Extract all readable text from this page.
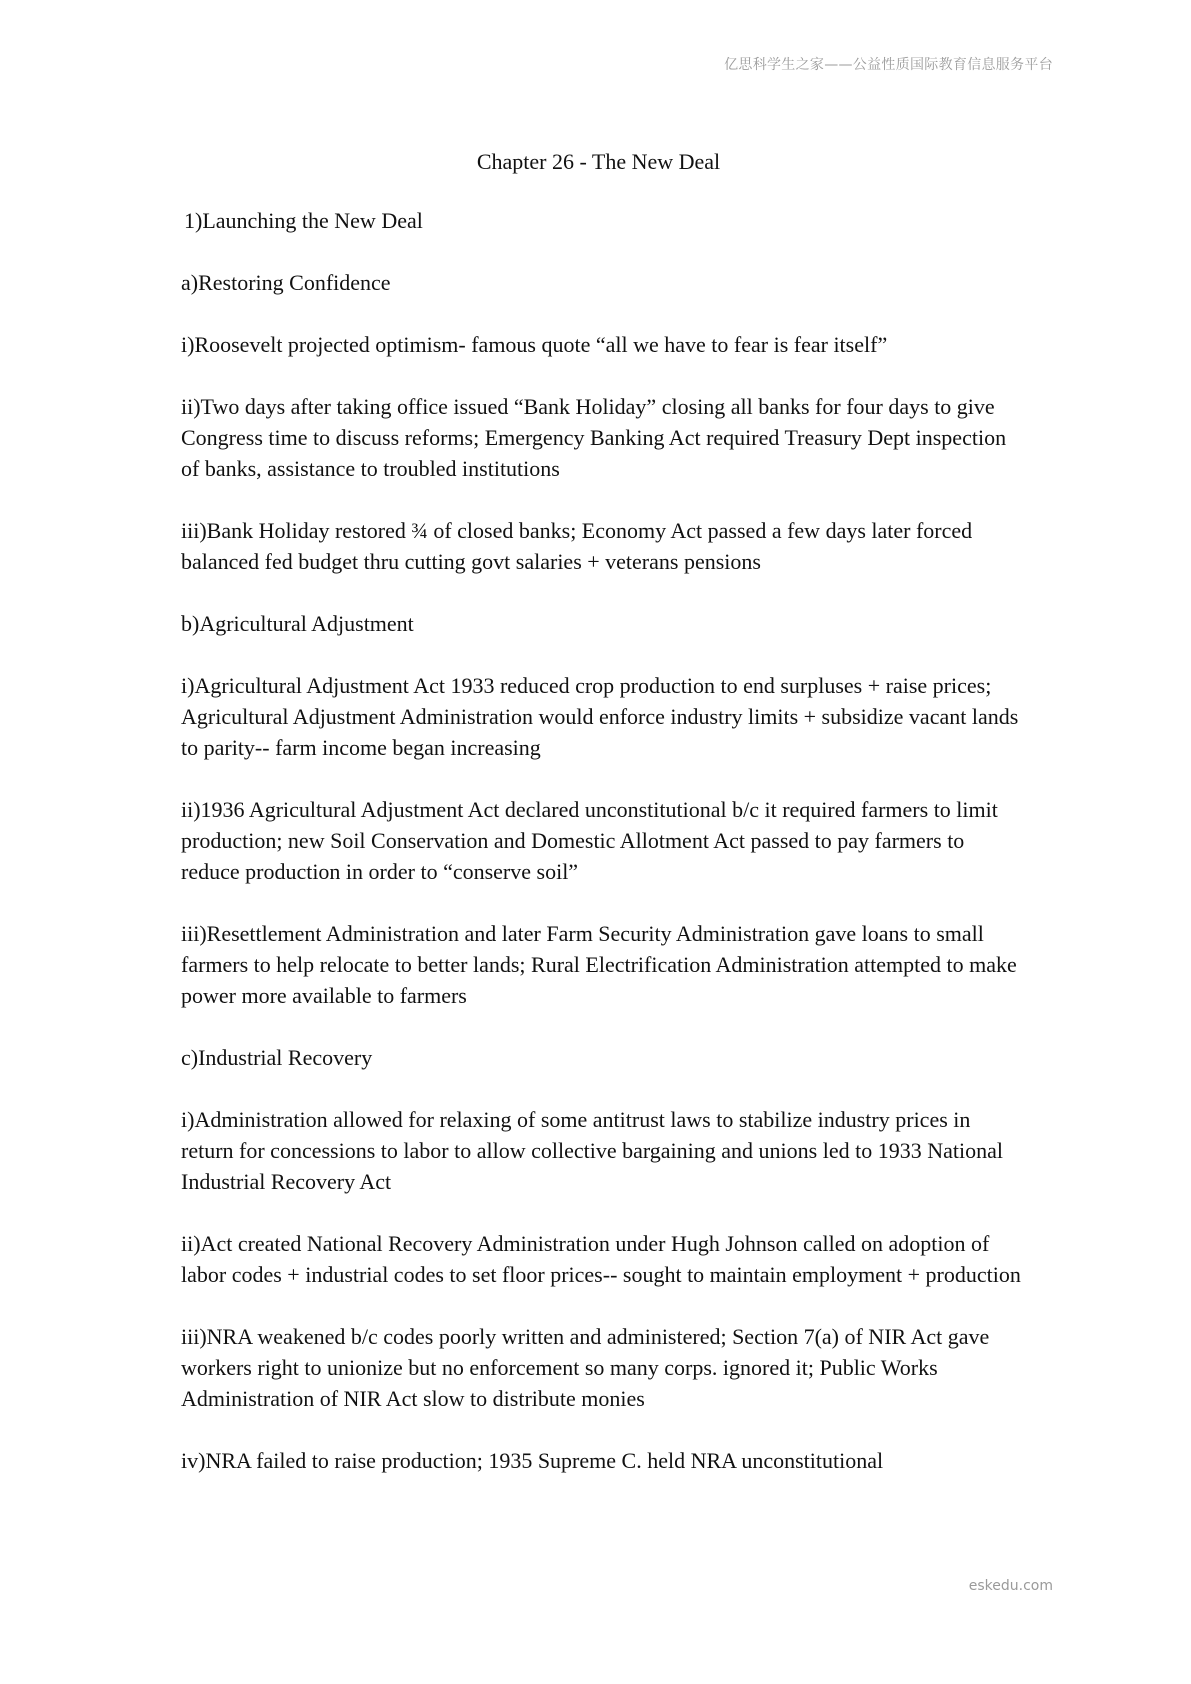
亿思科学生之家——公益性质国际教育信息服务平台
Chapter 26 - The New Deal
1)Launching the New Deal
a)Restoring Confidence
i)Roosevelt projected optimism- famous quote “all we have to fear is fear itself”
ii)Two days after taking office issued “Bank Holiday” closing all banks for four days to give Congress time to discuss reforms; Emergency Banking Act required Treasury Dept inspection of banks, assistance to troubled institutions
iii)Bank Holiday restored ¾ of closed banks; Economy Act passed a few days later forced balanced fed budget thru cutting govt salaries + veterans pensions
b)Agricultural Adjustment
i)Agricultural Adjustment Act 1933 reduced crop production to end surpluses + raise prices; Agricultural Adjustment Administration would enforce industry limits + subsidize vacant lands to parity-- farm income began increasing
ii)1936 Agricultural Adjustment Act declared unconstitutional b/c it required farmers to limit production; new Soil Conservation and Domestic Allotment Act passed to pay farmers to reduce production in order to “conserve soil”
iii)Resettlement Administration and later Farm Security Administration gave loans to small farmers to help relocate to better lands; Rural Electrification Administration attempted to make power more available to farmers
c)Industrial Recovery
i)Administration allowed for relaxing of some antitrust laws to stabilize industry prices in return for concessions to labor to allow collective bargaining and unions led to 1933 National Industrial Recovery Act
ii)Act created National Recovery Administration under Hugh Johnson called on adoption of labor codes + industrial codes to set floor prices-- sought to maintain employment + production
iii)NRA weakened b/c codes poorly written and administered; Section 7(a) of NIR Act gave workers right to unionize but no enforcement so many corps. ignored it; Public Works Administration of NIR Act slow to distribute monies
iv)NRA failed to raise production; 1935 Supreme C. held NRA unconstitutional
eskedu.com
